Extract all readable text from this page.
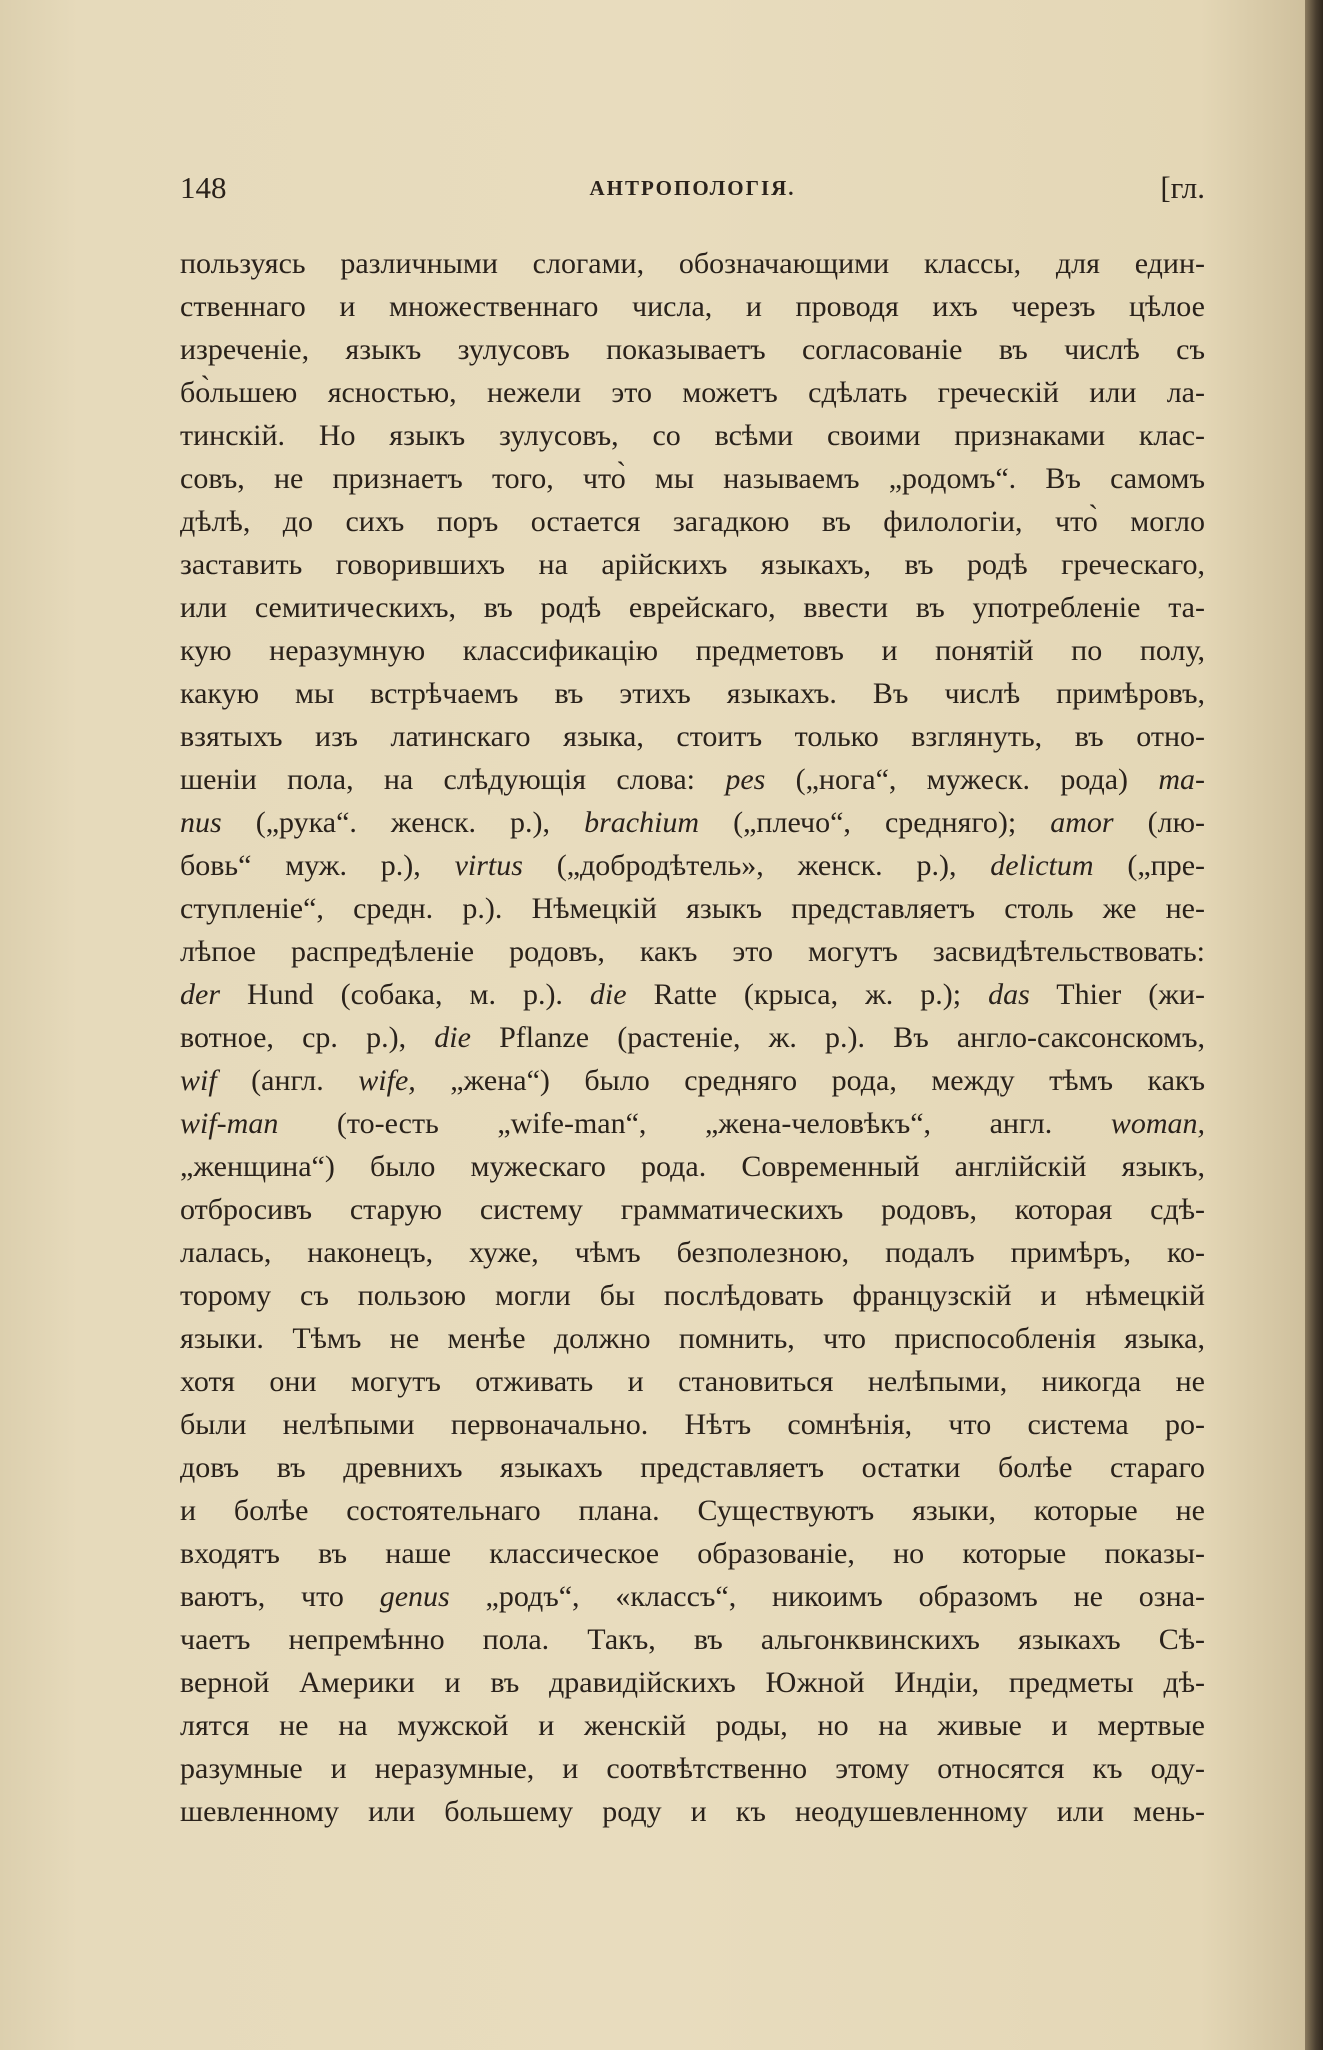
148	АНТРОПОЛОГІЯ.	[гл.
пользуясь различными слогами, обозначающими классы, для един-
ственнаго и множественнаго числа, и проводя ихъ черезъ цѣлое
изреченіе, языкъ зулусовъ показываетъ согласованіе въ числѣ съ
бо̀льшею ясностью, нежели это можетъ сдѣлать греческій или ла-
тинскій. Но языкъ зулусовъ, со всѣми своими признаками клас-
совъ, не признаетъ того, что̀ мы называемъ „родомъ“. Въ самомъ
дѣлѣ, до сихъ поръ остается загадкою въ филологіи, что̀ могло
заставить говорившихъ на арійскихъ языкахъ, въ родѣ греческаго,
или семитическихъ, въ родѣ еврейскаго, ввести въ употребленіе та-
кую неразумную классификацію предметовъ и понятій по полу,
какую мы встрѣчаемъ въ этихъ языкахъ. Въ числѣ примѣровъ,
взятыхъ изъ латинскаго языка, стоитъ только взглянуть, въ отно-
шеніи пола, на слѣдующія слова: pes („нога“, мужеск. рода) ma-
nus („рука“. женск. р.), brachium („плечо“, средняго); amor (лю-
бовь“ муж. р.), virtus („добродѣтель», женск. р.), delictum („пре-
ступленіе“, средн. р.). Нѣмецкій языкъ представляетъ столь же не-
лѣпое распредѣленіе родовъ, какъ это могутъ засвидѣтельствовать:
der Hund (собака, м. р.). die Ratte (крыса, ж. р.); das Thier (жи-
вотное, ср. р.), die Pflanze (растеніе, ж. р.). Въ англо-саксонскомъ,
wif (англ. wife, „жена“) было средняго рода, между тѣмъ какъ
wif-man (то-есть „wife-man“, „жена-человѣкъ“, англ. woman,
„женщина“) было мужескаго рода. Современный англійскій языкъ,
отбросивъ старую систему грамматическихъ родовъ, которая сдѣ-
лалась, наконецъ, хуже, чѣмъ безполезною, подалъ примѣръ, ко-
торому съ пользою могли бы послѣдовать французскій и нѣмецкій
языки. Тѣмъ не менѣе должно помнить, что приспособленія языка,
хотя они могутъ отживать и становиться нелѣпыми, никогда не
были нелѣпыми первоначально. Нѣтъ сомнѣнія, что система ро-
довъ въ древнихъ языкахъ представляетъ остатки болѣе стараго
и болѣе состоятельнаго плана. Существуютъ языки, которые не
входятъ въ наше классическое образованіе, но которые показы-
ваютъ, что genus „родъ“, «классъ“, никоимъ образомъ не озна-
чаетъ непремѣнно пола. Такъ, въ альгонквинскихъ языкахъ Сѣ-
верной Америки и въ дравидійскихъ Южной Индіи, предметы дѣ-
лятся не на мужской и женскій роды, но на живые и мертвые
разумные и неразумные, и соотвѣтственно этому относятся къ оду-
шевленному или большему роду и къ неодушевленному или мень-
